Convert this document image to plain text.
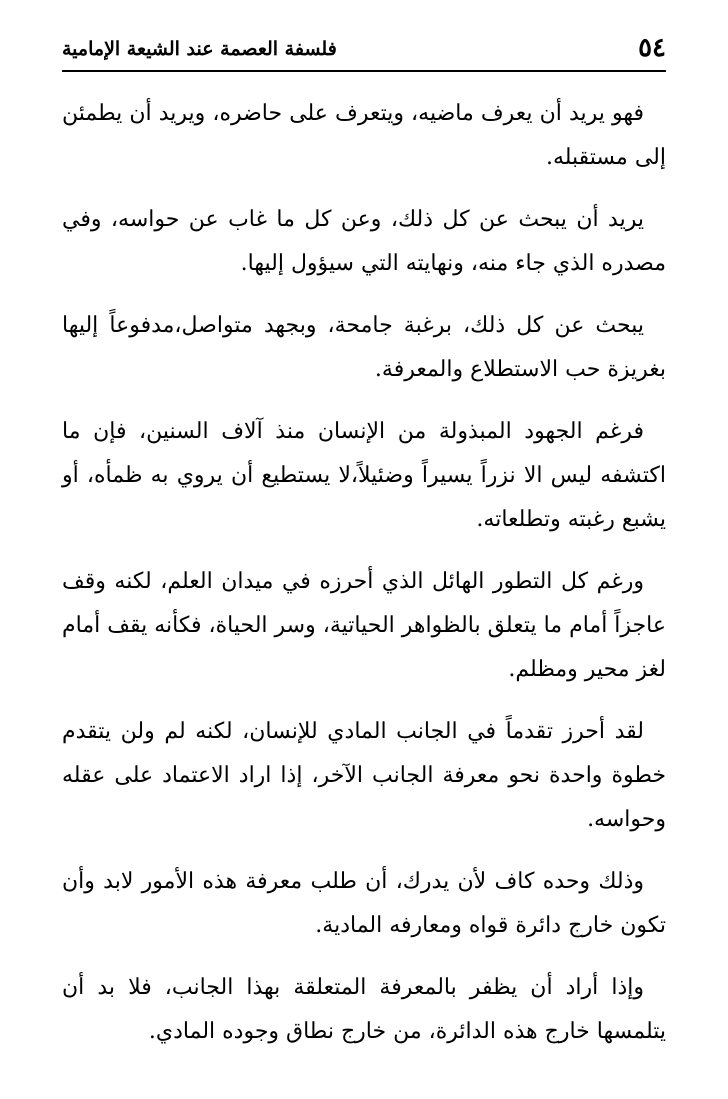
٥٤
فلسفة العصمة عند الشيعة الإمامية

فهو يريد أن يعرف ماضيه، ويتعرف على حاضره، ويريد أن يطمئن إلى مستقبله.

يريد أن يبحث عن كل ذلك، وعن كل ما غاب عن حواسه، وفي مصدره الذي جاء منه، ونهايته التي سيؤول إليها.

يبحث عن كل ذلك، برغبة جامحة، وبجهد متواصل،مدفوعاً إليها بغريزة حب الاستطلاع والمعرفة.

فرغم الجهود المبذولة من الإنسان منذ آلاف السنين، فإن ما اكتشفه ليس الا نزراً يسيراً وضئيلاً،لا يستطيع أن يروي به ظمأه، أو يشبع رغبته وتطلعاته.

ورغم كل التطور الهائل الذي أحرزه في ميدان العلم، لكنه وقف عاجزاً أمام ما يتعلق بالظواهر الحياتية، وسر الحياة، فكأنه يقف أمام لغز محير ومظلم.

لقد أحرز تقدماً في الجانب المادي للإنسان، لكنه لم ولن يتقدم خطوة واحدة نحو معرفة الجانب الآخر، إذا اراد الاعتماد على عقله وحواسه.

وذلك وحده كاف لأن يدرك، أن طلب معرفة هذه الأمور لابد وأن تكون خارج دائرة قواه ومعارفه المادية.

وإذا أراد أن يظفر بالمعرفة المتعلقة بهذا الجانب، فلا بد أن يتلمسها خارج هذه الدائرة، من خارج نطاق وجوده المادي.
